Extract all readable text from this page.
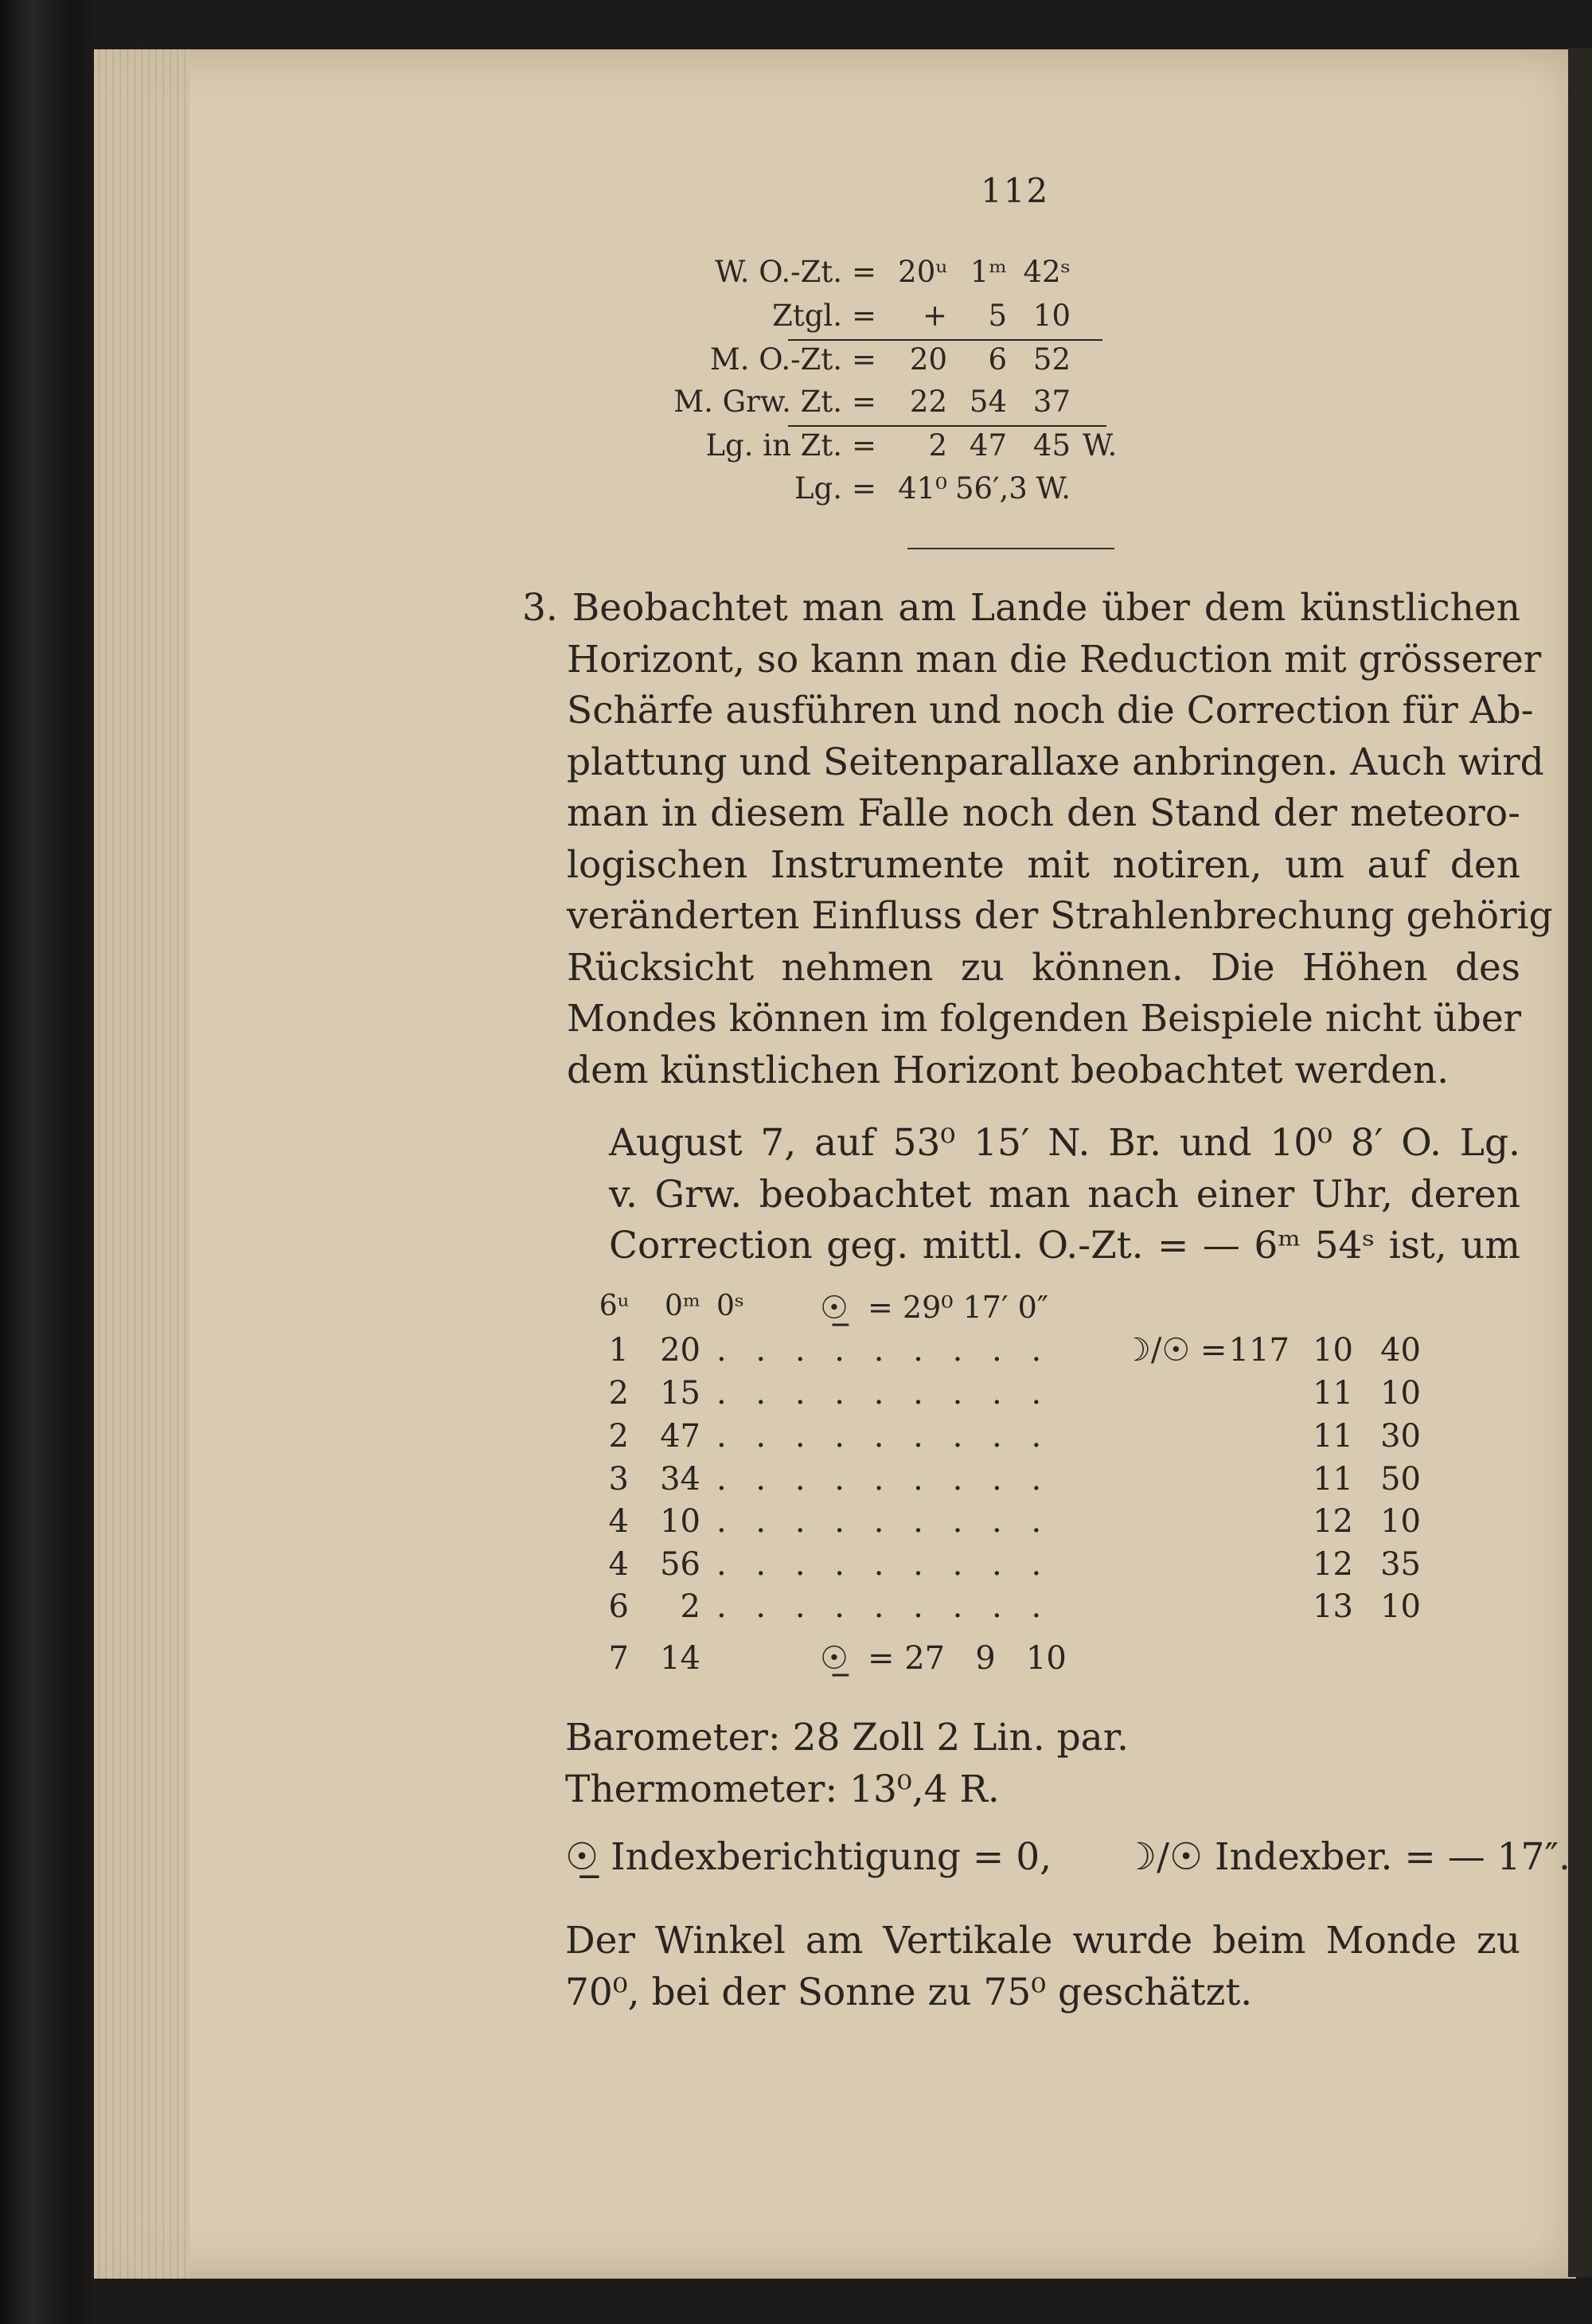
112
W. O.-Zt. = 20ᵘ 1ᵐ 42ˢ
Ztgl. =	+	5 10
M. O.-Zt. =	20	6 52
M. Grw. Zt. =	22 54 37
Lg. in Zt. =	2 47 45 W.
Lg. = 41⁰ 56′,3 W.
3. Beobachtet man am Lande über dem künstlichen
Horizont, so kann man die Reduction mit grösserer
Schärfe ausführen und noch die Correction für Ab-
plattung und Seitenparallaxe anbringen. Auch wird
man in diesem Falle noch den Stand der meteoro-
logischen Instrumente mit notiren, um auf den
veränderten Einfluss der Strahlenbrechung gehörig
Rücksicht nehmen zu können. Die Höhen des
Mondes können im folgenden Beispiele nicht über
dem künstlichen Horizont beobachtet werden.
August 7, auf 53⁰ 15′ N. Br. und 10⁰ 8′ O. Lg.
v. Grw. beobachtet man nach einer Uhr, deren
Correction geg. mittl. O.-Zt. = — 6ᵐ 54ˢ ist, um
6ᵘ	0ᵐ 0ˢ ☉̲ = 29⁰ 17′ 0″
1 20 . . . . . . . . . ☽/☉ = 117 10 40
2 15 . . . . . . . . .	11 10
2 47 . . . . . . . . .	11 30
3 34 . . . . . . . . .	11 50
4 10 . . . . . . . . .	12 10
4 56 . . . . . . . . .	12 35
6	2 . . . . . . . . .	13 10
7 14	☉̲ = 27   9   10
Barometer: 28 Zoll 2 Lin. par.
Thermometer: 13⁰,4 R.
☉̲ Indexberichtigung = 0, ☽/☉ Indexber. = — 17″.
Der Winkel am Vertikale wurde beim Monde zu
70⁰, bei der Sonne zu 75⁰ geschätzt.
